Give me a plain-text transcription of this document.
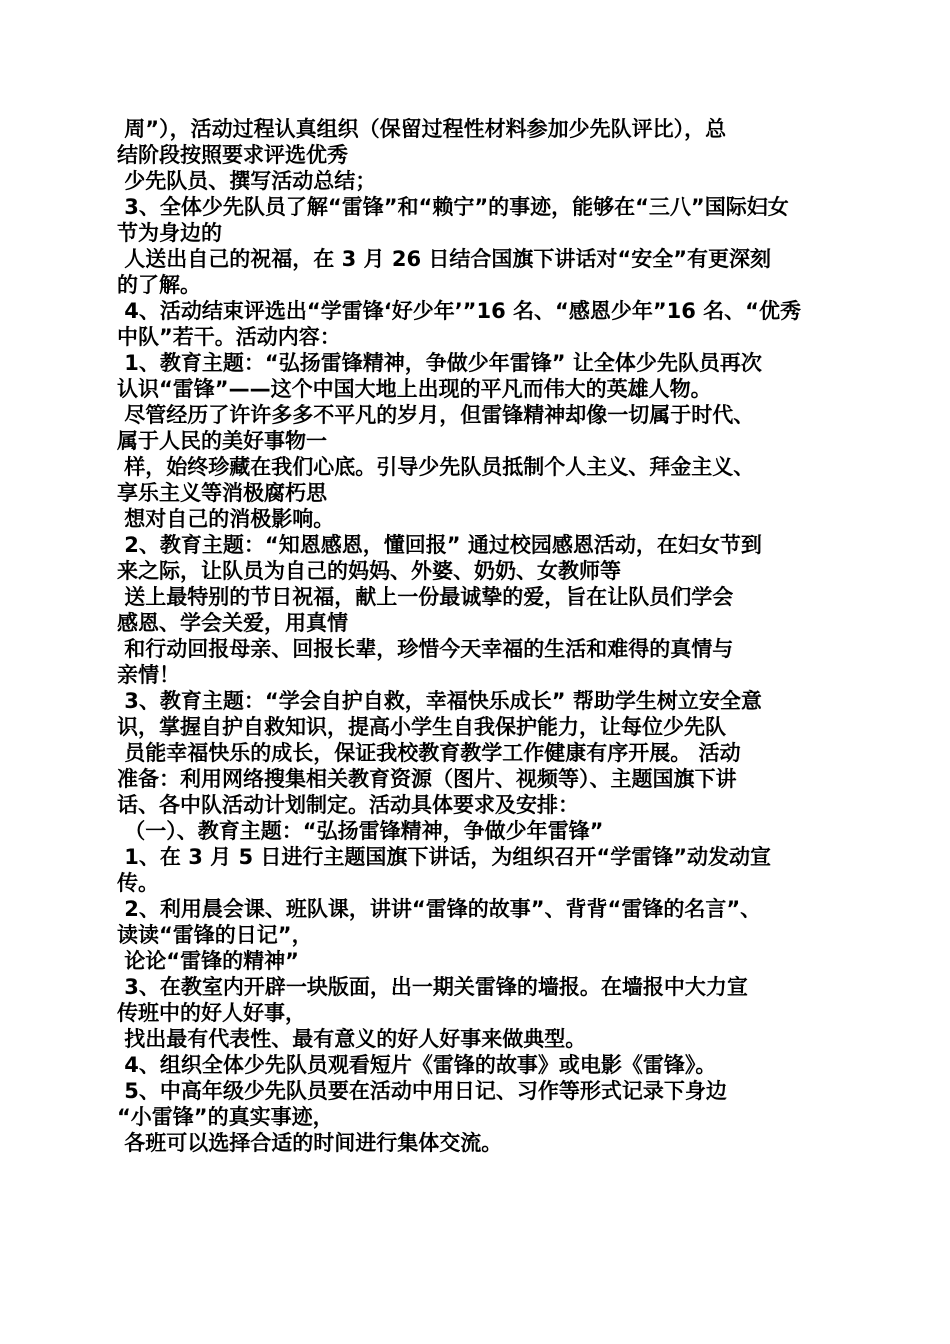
周”），活动过程认真组织（保留过程性材料参加少先队评比），总
结阶段按照要求评选优秀
少先队员、撰写活动总结；
3、全体少先队员了解“雷锋”和“赖宁”的事迹，能够在“三八”国际妇女
节为身边的
人送出自己的祝福，在 3 月 26 日结合国旗下讲话对“安全”有更深刻
的了解。
4、活动结束评选出“学雷锋‘好少年’”16 名、“感恩少年”16 名、“优秀
中队”若干。活动内容：
1、教育主题：“弘扬雷锋精神，争做少年雷锋” 让全体少先队员再次
认识“雷锋”——这个中国大地上出现的平凡而伟大的英雄人物。
尽管经历了许许多多不平凡的岁月，但雷锋精神却像一切属于时代、
属于人民的美好事物一
样，始终珍藏在我们心底。引导少先队员抵制个人主义、拜金主义、
享乐主义等消极腐朽思
想对自己的消极影响。
2、教育主题：“知恩感恩，懂回报” 通过校园感恩活动，在妇女节到
来之际，让队员为自己的妈妈、外婆、奶奶、女教师等
送上最特别的节日祝福，献上一份最诚挚的爱，旨在让队员们学会
感恩、学会关爱，用真情
和行动回报母亲、回报长辈，珍惜今天幸福的生活和难得的真情与
亲情！
3、教育主题：“学会自护自救，幸福快乐成长” 帮助学生树立安全意
识，掌握自护自救知识，提高小学生自我保护能力，让每位少先队
员能幸福快乐的成长，保证我校教育教学工作健康有序开展。 活动
准备：利用网络搜集相关教育资源（图片、视频等）、主题国旗下讲
话、各中队活动计划制定。活动具体要求及安排：
（一）、教育主题：“弘扬雷锋精神，争做少年雷锋”
1、在 3 月 5 日进行主题国旗下讲话，为组织召开“学雷锋”动发动宣
传。
2、利用晨会课、班队课，讲讲“雷锋的故事”、背背“雷锋的名言”、
读读“雷锋的日记”，
论论“雷锋的精神”
3、在教室内开辟一块版面，出一期关雷锋的墙报。在墙报中大力宣
传班中的好人好事，
找出最有代表性、最有意义的好人好事来做典型。
4、组织全体少先队员观看短片《雷锋的故事》或电影《雷锋》。
5、中高年级少先队员要在活动中用日记、习作等形式记录下身边
“小雷锋”的真实事迹，
各班可以选择合适的时间进行集体交流。
